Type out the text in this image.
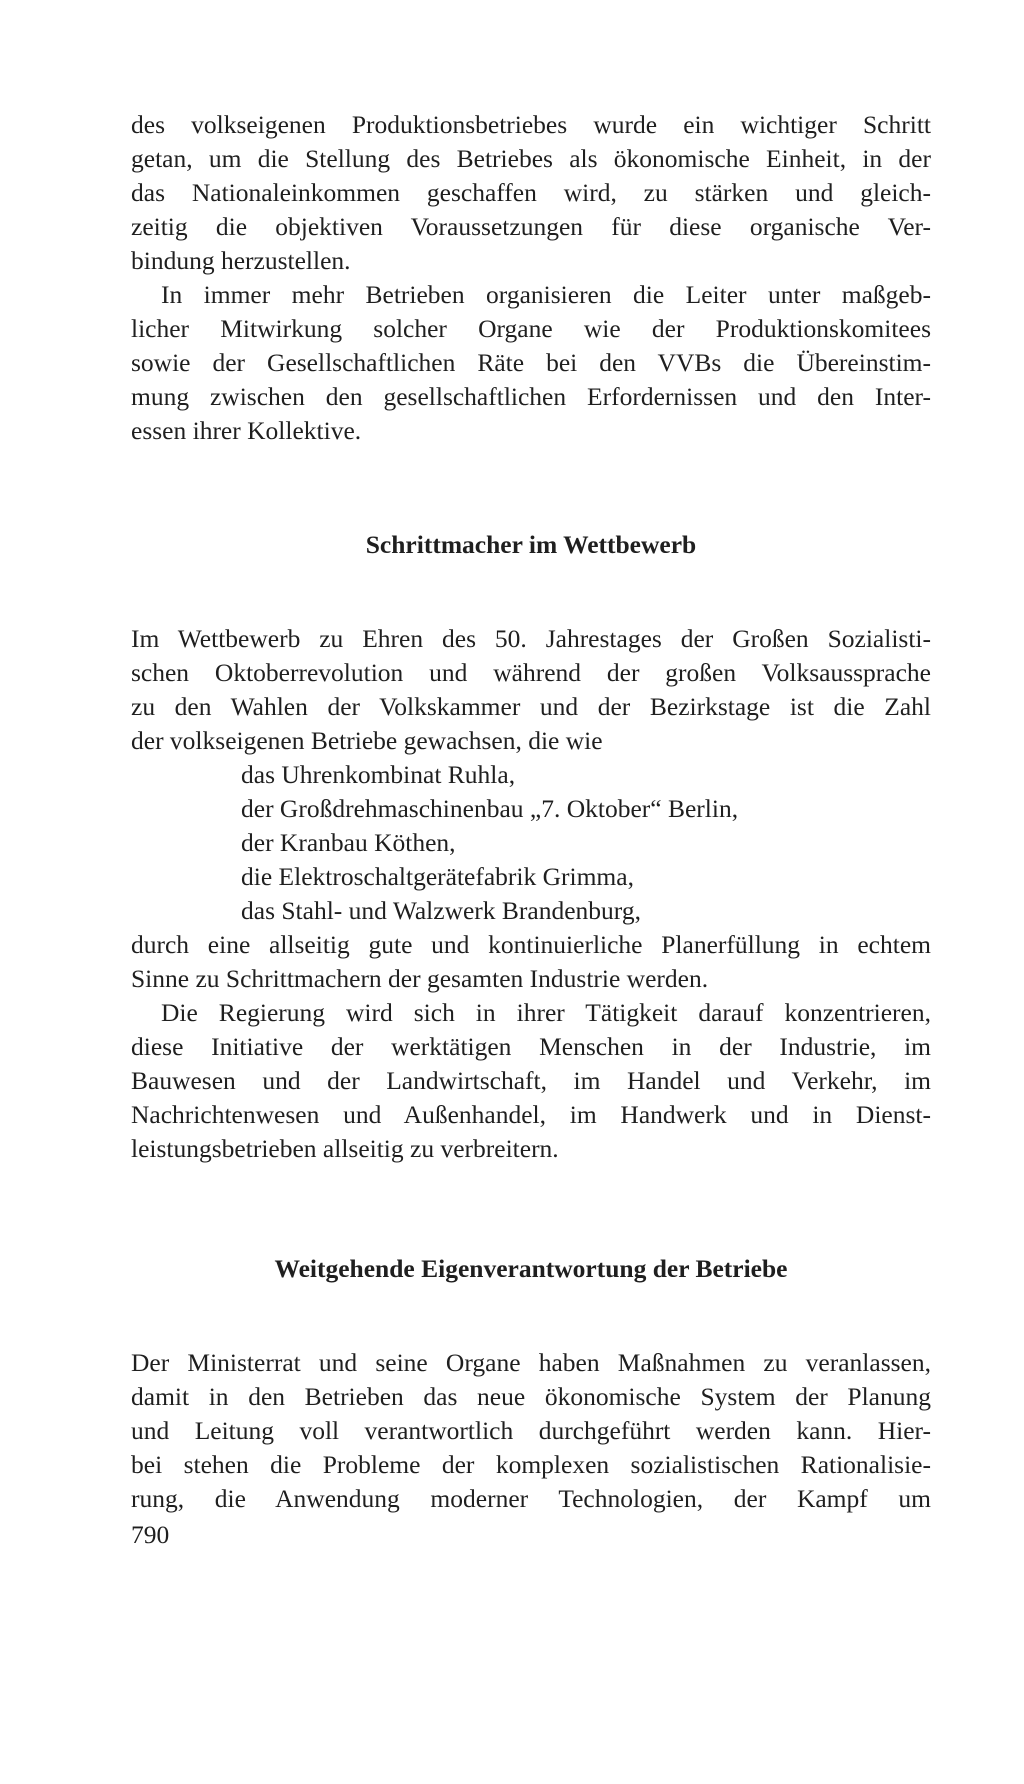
des volkseigenen Produktionsbetriebes wurde ein wichtiger Schritt
getan, um die Stellung des Betriebes als ökonomische Einheit, in der
das Nationaleinkommen geschaffen wird, zu stärken und gleich-
zeitig die objektiven Voraussetzungen für diese organische Ver-
bindung herzustellen.
In immer mehr Betrieben organisieren die Leiter unter maßgeb-
licher Mitwirkung solcher Organe wie der Produktionskomitees
sowie der Gesellschaftlichen Räte bei den VVBs die Übereinstim-
mung zwischen den gesellschaftlichen Erfordernissen und den Inter-
essen ihrer Kollektive.
Schrittmacher im Wettbewerb
Im Wettbewerb zu Ehren des 50. Jahrestages der Großen Sozialisti-
schen Oktoberrevolution und während der großen Volksaussprache
zu den Wahlen der Volkskammer und der Bezirkstage ist die Zahl
der volkseigenen Betriebe gewachsen, die wie
das Uhrenkombinat Ruhla,
der Großdrehmaschinenbau „7. Oktober“ Berlin,
der Kranbau Köthen,
die Elektroschaltgerätefabrik Grimma,
das Stahl- und Walzwerk Brandenburg,
durch eine allseitig gute und kontinuierliche Planerfüllung in echtem
Sinne zu Schrittmachern der gesamten Industrie werden.
Die Regierung wird sich in ihrer Tätigkeit darauf konzentrieren,
diese Initiative der werktätigen Menschen in der Industrie, im
Bauwesen und der Landwirtschaft, im Handel und Verkehr, im
Nachrichtenwesen und Außenhandel, im Handwerk und in Dienst-
leistungsbetrieben allseitig zu verbreitern.
Weitgehende Eigenverantwortung der Betriebe
Der Ministerrat und seine Organe haben Maßnahmen zu veranlassen,
damit in den Betrieben das neue ökonomische System der Planung
und Leitung voll verantwortlich durchgeführt werden kann. Hier-
bei stehen die Probleme der komplexen sozialistischen Rationalisie-
rung, die Anwendung moderner Technologien, der Kampf um
790
